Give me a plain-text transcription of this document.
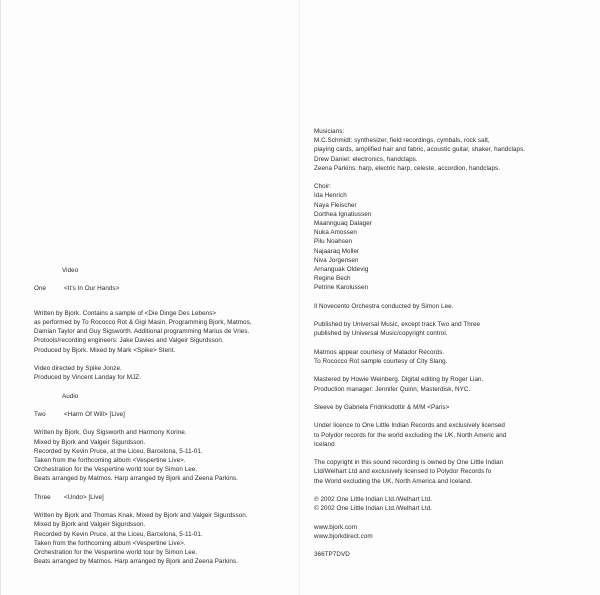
Video
One	<It's In Our Hands>
Written by Bjork. Contains a sample of <Die Dinge Des Lebens>
as performed by To Rococco Rot & Gigi Masin. Programming Bjork, Matmos,
Damian Taylor and Guy Sigsworth. Additional programming Marius de Vries.
Protools/recording engineers: Jake Davies and Valgeir Sigurdsson.
Produced by Bjork. Mixed by Mark <Spike> Stent.
Video directed by Spike Jonze.
Produced by Vincent Landay for MJZ.
Audio
Two	<Harm Of Will> [Live]
Written by Bjork, Guy Sigsworth and Harmony Korine.
Mixed by Bjork and Valgeir Sigurdsson.
Recorded by Kevin Pruce, at the Liceu, Barcelona, 5-11-01.
Taken from the forthcoming album <Vespertine Live>.
Orchestration for the Vespertine world tour by Simon Lee.
Beats arranged by Matmos. Harp arranged by Bjork and Zeena Parkins.
Three	<Undo> [Live]
Written by Bjork and Thomas Knak. Mixed by Bjork and Valgeir Sigurdsson.
Mixed by Bjork and Valgeir Sigurdsson.
Recorded by Kevin Pruce, at the Liceu, Barcelona, 5-11-01.
Taken from the forthcoming album <Vespertine Live>.
Orchestration for the Vespertine world tour by Simon Lee.
Beats arranged by Matmos. Harp arranged by Bjork and Zeena Parkins.
Musicians:
M.C.Schmidt: synthesizer, field recordings, cymbals, rock salt,
playing cards, amplified hair and fabric, acoustic guitar, shaker, handclaps.
Drew Daniel: electronics, handclaps.
Zeena Parkins: harp, electric harp, celeste, accordion, handclaps.
Choir:
Ida Henrich
Naya Fleischer
Dorthea Ignatiussen
Maannguaq Dalager
Nuka Amossen
Pilu Noahsen
Najaaraq Moller
Niva Jorgensen
Arnanguak Oldevig
Regine Bech
Petrine Karolussen
Il Novecento Orchestra conducted by Simon Lee.
Published by Universal Music, except track Two and Three
published by Universal Music/copyright control.
Matmos appear courtesy of Matador Records.
To Rococco Rot sample courtesy of City Slang.
Mastered by Howie Weinberg. Digital editing by Roger Lian.
Production manager: Jennifer Quinn, Masterdisk, NYC.
Sleeve by Gabriela Fridriksdottir & M/M <Paris>
Under licence to One Little Indian Records and exclusively licensed
to Polydor records for the world excluding the UK, North Americ and
Iceland
The copyright in this sound recording is owned by One Little Indian
Ltd/Welhart Ltd and exclusively licensed to Polydor Records fo
the World excluding the UK, North America and Iceland.
℗ 2002 One Little Indian Ltd./Welhart Ltd.
© 2002 One Little Indian Ltd./Welhart Ltd.
www.bjork.com
www.bjorkdirect.com
366TP7DVD
